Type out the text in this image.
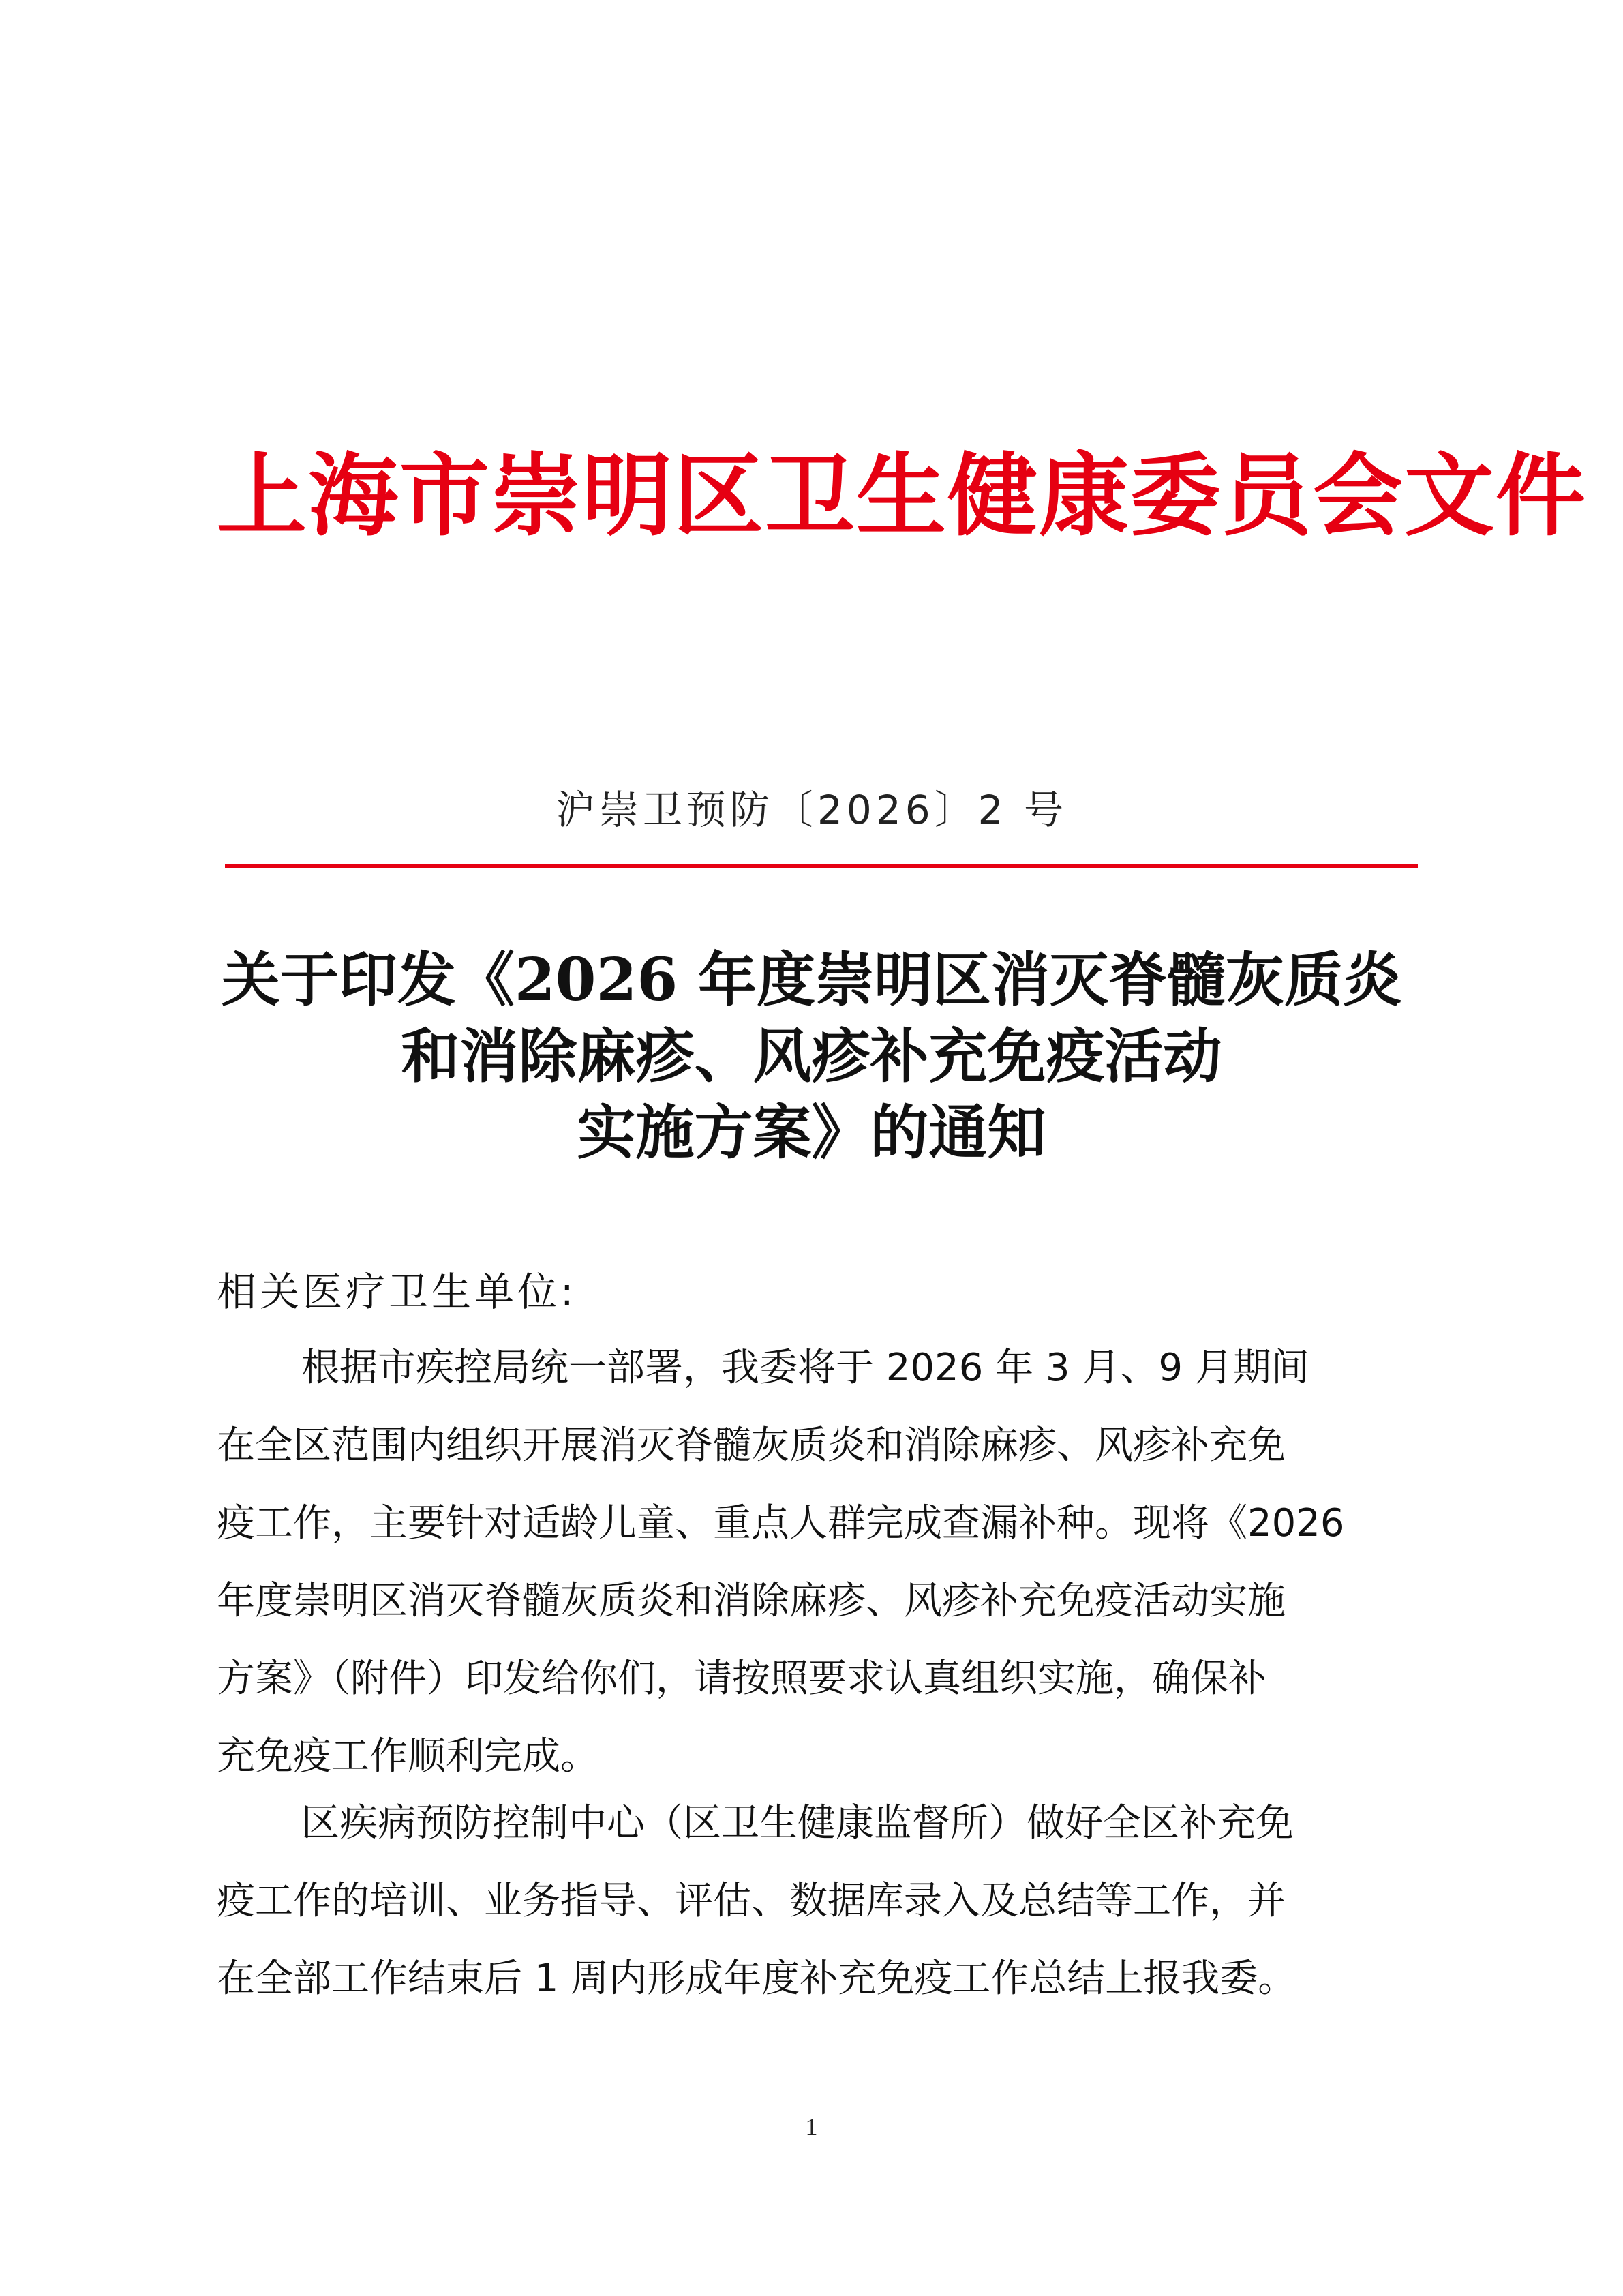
上海市崇明区卫生健康委员会文件
沪崇卫预防〔2026〕2 号
关于印发《2026 年度崇明区消灭脊髓灰质炎
和消除麻疹、风疹补充免疫活动
实施方案》的通知
相关医疗卫生单位:
根据市疾控局统一部署，我委将于 2026 年 3 月、9 月期间
在全区范围内组织开展消灭脊髓灰质炎和消除麻疹、风疹补充免
疫工作，主要针对适龄儿童、重点人群完成查漏补种。现将《2026
年度崇明区消灭脊髓灰质炎和消除麻疹、风疹补充免疫活动实施
方案》（附件）印发给你们，请按照要求认真组织实施，确保补
充免疫工作顺利完成。
区疾病预防控制中心（区卫生健康监督所）做好全区补充免
疫工作的培训、业务指导、评估、数据库录入及总结等工作，并
在全部工作结束后 1 周内形成年度补充免疫工作总结上报我委。
1
